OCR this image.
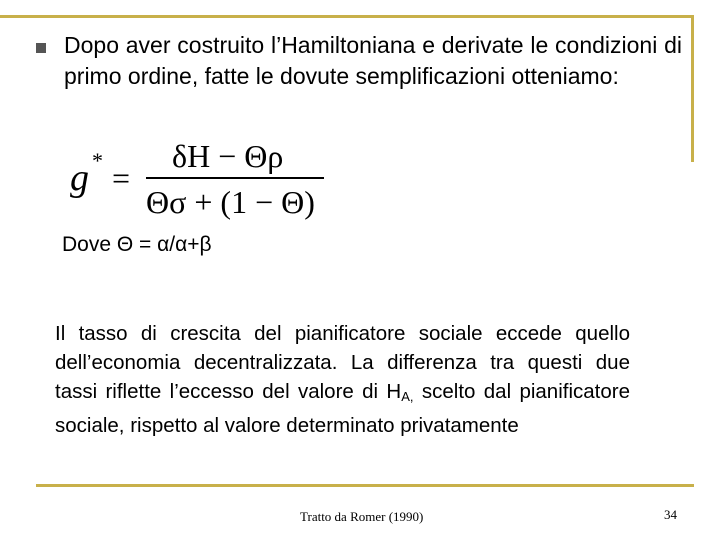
Dopo aver costruito l’Hamiltoniana e derivate le condizioni di primo ordine, fatte le dovute semplificazioni otteniamo:
g * =
δH − Θρ
Θσ + (1 − Θ)
Dove Θ = α/α+β
Il tasso di crescita del pianificatore sociale eccede quello dell’economia decentralizzata. La differenza tra questi due tassi riflette l’eccesso del valore di $H_{A,}$ scelto dal pianificatore sociale, rispetto al valore determinato privatamente
Tratto da Romer (1990)	34
